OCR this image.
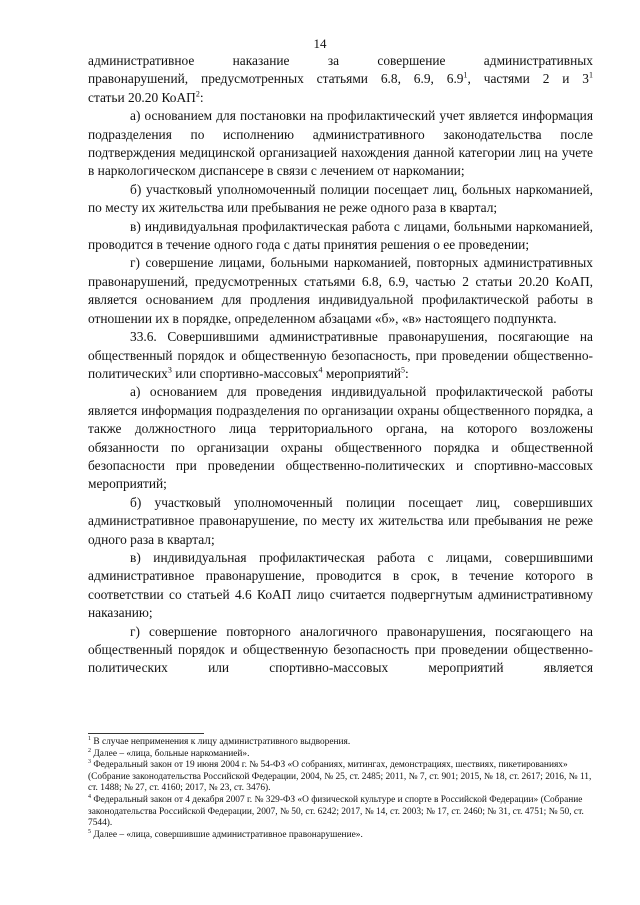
14

административное наказание за совершение административных

правонарушений, предусмотренных статьями 6.8, 6.9, $6.9^1$, частями 2 и $3^1$

статьи 20.20 КоАП$^2$:

а) основанием для постановки на профилактический учет является информация подразделения по исполнению административного законодательства после подтверждения медицинской организацией нахождения данной категории лиц на учете в наркологическом диспансере в связи с лечением от наркомании;

б) участковый уполномоченный полиции посещает лиц, больных наркоманией, по месту их жительства или пребывания не реже одного раза в квартал;

в) индивидуальная профилактическая работа с лицами, больными наркоманией, проводится в течение одного года с даты принятия решения о ее проведении;

г) совершение лицами, больными наркоманией, повторных административных правонарушений, предусмотренных статьями 6.8, 6.9, частью 2 статьи 20.20 КоАП, является основанием для продления индивидуальной профилактической работы в отношении их в порядке, определенном абзацами «б», «в» настоящего подпункта.

33.6. Совершившими административные правонарушения, посягающие на общественный порядок и общественную безопасность, при проведении общественно-политических$^3$ или спортивно-массовых$^4$ мероприятий$^5$:

а) основанием для проведения индивидуальной профилактической работы является информация подразделения по организации охраны общественного порядка, а также должностного лица территориального органа, на которого возложены обязанности по организации охраны общественного порядка и общественной безопасности при проведении общественно-политических и спортивно-массовых мероприятий;

б) участковый уполномоченный полиции посещает лиц, совершивших административное правонарушение, по месту их жительства или пребывания не реже одного раза в квартал;

в) индивидуальная профилактическая работа с лицами, совершившими административное правонарушение, проводится в срок, в течение которого в соответствии со статьей 4.6 КоАП лицо считается подвергнутым административному наказанию;

г) совершение повторного аналогичного правонарушения, посягающего на общественный порядок и общественную безопасность при проведении общественно-политических или спортивно-массовых мероприятий является

$^1$ В случае неприменения к лицу административного выдворения.

$^2$ Далее – «лица, больные наркоманией».

$^3$ Федеральный закон от 19 июня 2004 г. № 54-ФЗ «О собраниях, митингах, демонстрациях, шествиях, пикетированиях» (Собрание законодательства Российской Федерации, 2004, № 25, ст. 2485; 2011, № 7, ст. 901; 2015, № 18, ст. 2617; 2016, № 11, ст. 1488; № 27, ст. 4160; 2017, № 23, ст. 3476).

$^4$ Федеральный закон от 4 декабря 2007 г. № 329-ФЗ «О физической культуре и спорте в Российской Федерации» (Собрание законодательства Российской Федерации, 2007, № 50, ст. 6242; 2017, № 14, ст. 2003; № 17, ст. 2460; № 31, ст. 4751; № 50, ст. 7544).

$^5$ Далее – «лица, совершившие административное правонарушение».
